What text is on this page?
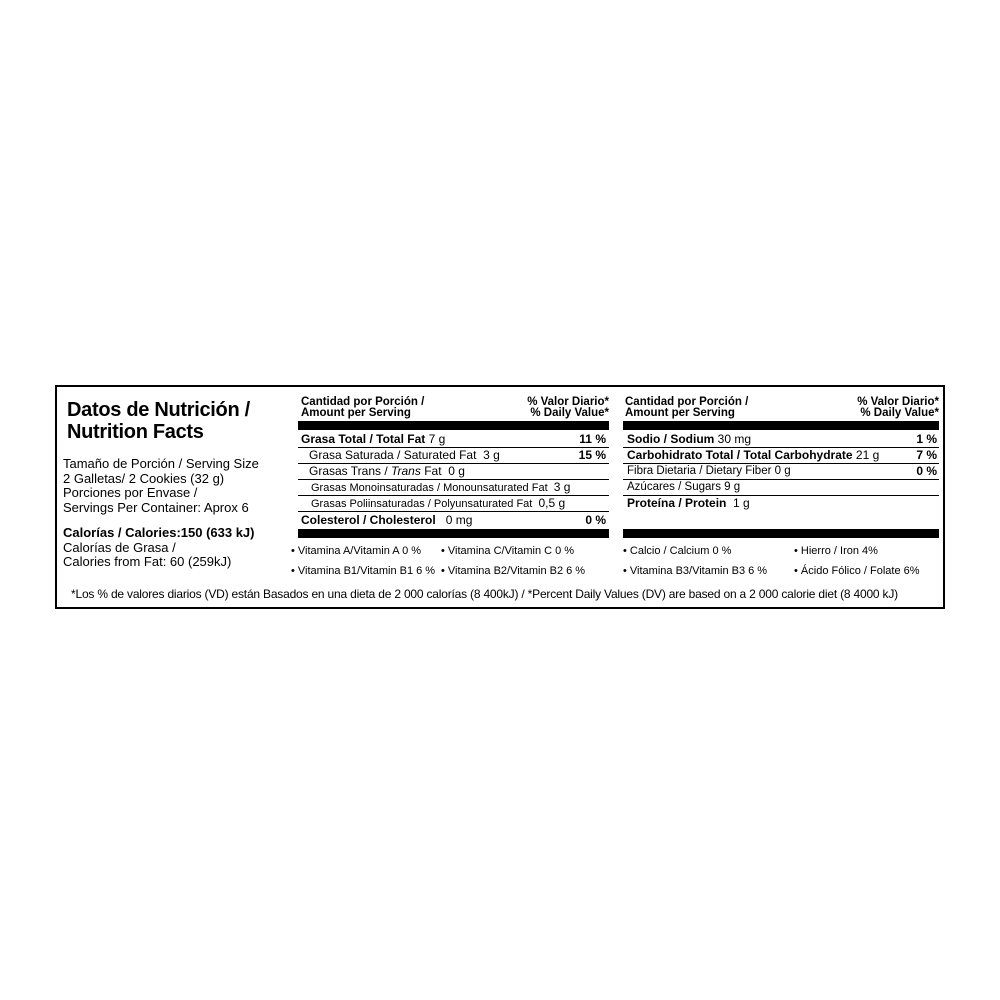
Datos de Nutrición /
Nutrition Facts
Tamaño de Porción / Serving Size
2 Galletas/ 2 Cookies (32 g)
Porciones por Envase /
Servings Per Container: Aprox 6
Calorías / Calories:150 (633 kJ)
Calorías de Grasa /
Calories from Fat: 60 (259kJ)
Cantidad por Porción /
Amount per Serving
% Valor Diario*
% Daily Value*
Grasa Total / Total Fat 7 g	11 %
Grasa Saturada / Saturated Fat 3 g	15 %
Grasas Trans / Trans Fat 0 g
Grasas Monoinsaturadas / Monounsaturated Fat 3 g
Grasas Poliinsaturadas / Polyunsaturated Fat 0,5 g
Colesterol / Cholesterol 0 mg	0 %
Cantidad por Porción /
Amount per Serving
% Valor Diario*
% Daily Value*
Sodio / Sodium 30 mg	1 %
Carbohidrato Total / Total Carbohydrate 21 g	7 %
Fibra Dietaria / Dietary Fiber 0 g	0 %
Azúcares / Sugars 9 g
Proteína / Protein 1 g
• Vitamina A/Vitamin A 0 % • Vitamina C/Vitamin C 0 %
• Vitamina B1/Vitamin B1 6 % • Vitamina B2/Vitamin B2 6 %
• Calcio / Calcium 0 %	• Hierro / Iron 4%
• Vitamina B3/Vitamin B3 6 % • Ácido Fólico / Folate 6%
*Los % de valores diarios (VD) están Basados en una dieta de 2 000 calorías (8 400kJ) / *Percent Daily Values (DV) are based on a 2 000 calorie diet (8 4000 kJ)
